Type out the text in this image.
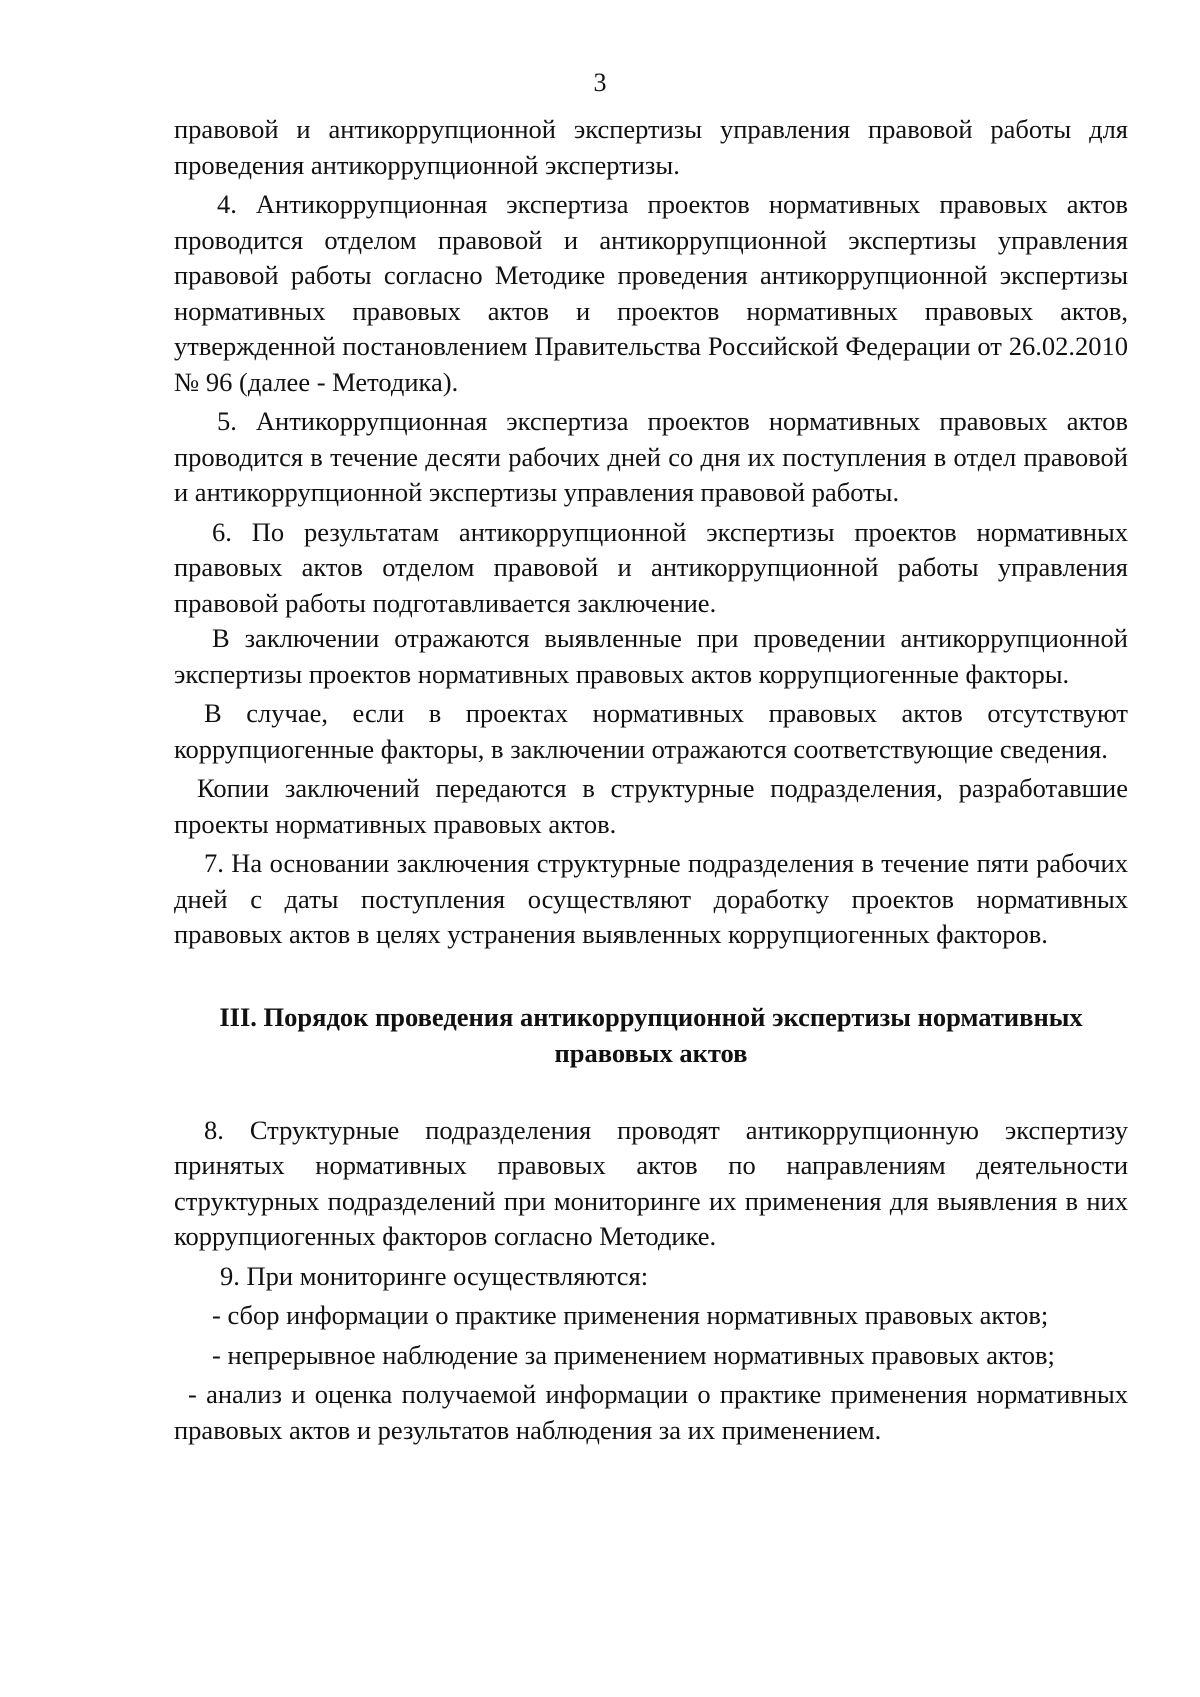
3

правовой и антикоррупционной экспертизы управления правовой работы для проведения антикоррупционной экспертизы.

4. Антикоррупционная экспертиза проектов нормативных правовых актов проводится отделом правовой и антикоррупционной экспертизы управления правовой работы согласно Методике проведения антикоррупционной экспертизы нормативных правовых актов и проектов нормативных правовых актов, утвержденной постановлением Правительства Российской Федерации от 26.02.2010 № 96 (далее - Методика).

5. Антикоррупционная экспертиза проектов нормативных правовых актов проводится в течение десяти рабочих дней со дня их поступления в отдел правовой и антикоррупционной экспертизы управления правовой работы.

6. По результатам антикоррупционной экспертизы проектов нормативных правовых актов отделом правовой и антикоррупционной работы управления правовой работы подготавливается заключение.

В заключении отражаются выявленные при проведении антикоррупционной экспертизы проектов нормативных правовых актов коррупциогенные факторы.

В случае, если в проектах нормативных правовых актов отсутствуют коррупциогенные факторы, в заключении отражаются соответствующие сведения.

Копии заключений передаются в структурные подразделения, разработавшие проекты нормативных правовых актов.

7. На основании заключения структурные подразделения в течение пяти рабочих дней с даты поступления осуществляют доработку проектов нормативных правовых актов в целях устранения выявленных коррупциогенных факторов.

III. Порядок проведения антикоррупционной экспертизы нормативных
правовых актов

8. Структурные подразделения проводят антикоррупционную экспертизу принятых нормативных правовых актов по направлениям деятельности структурных подразделений при мониторинге их применения для выявления в них коррупциогенных факторов согласно Методике.

9. При мониторинге осуществляются:

- сбор информации о практике применения нормативных правовых актов;

- непрерывное наблюдение за применением нормативных правовых актов;

- анализ и оценка получаемой информации о практике применения нормативных правовых актов и результатов наблюдения за их применением.
